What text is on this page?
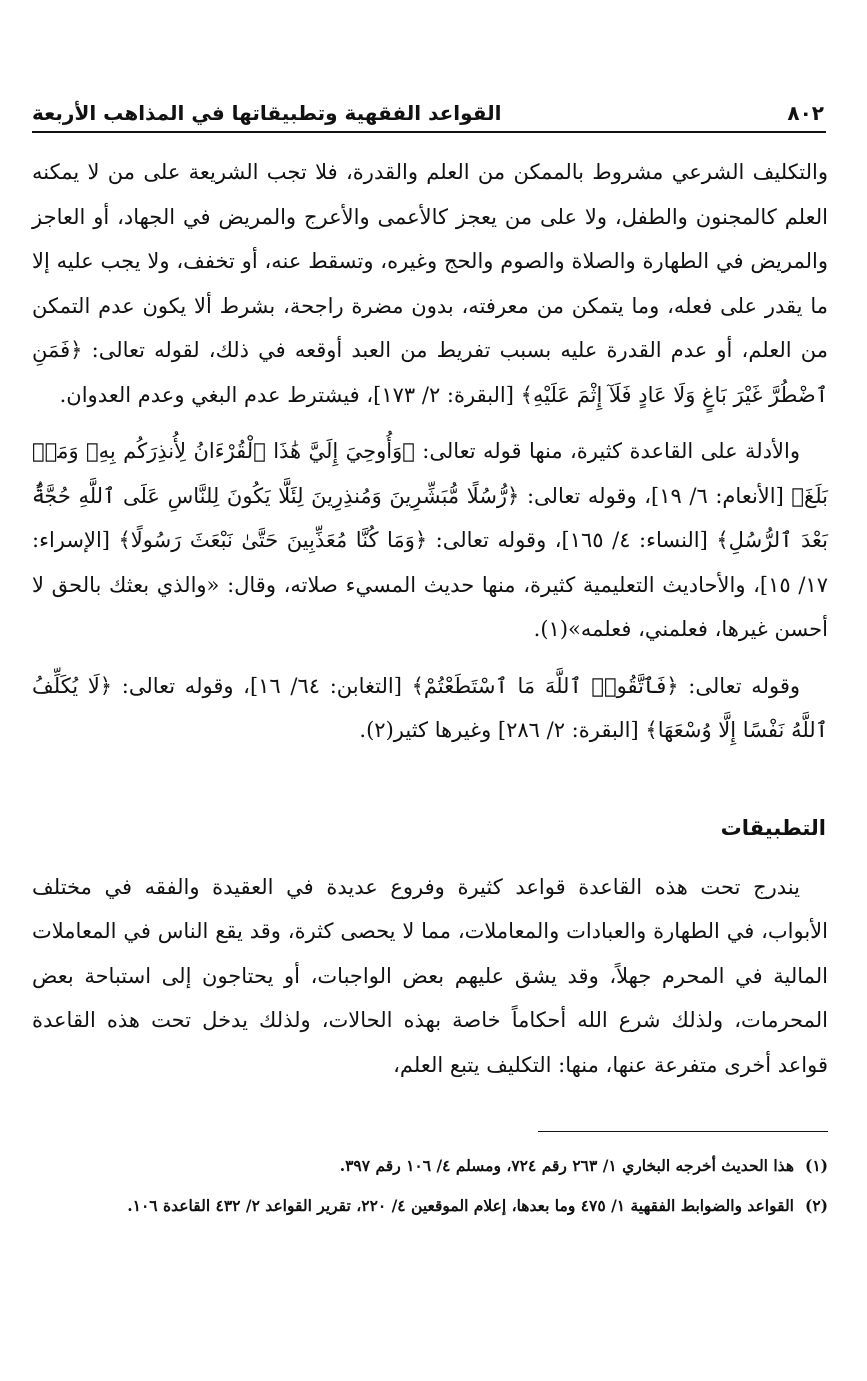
٨٠٢
القواعد الفقهية وتطبيقاتها في المذاهب الأربعة

والتكليف الشرعي مشروط بالممكن من العلم والقدرة، فلا تجب الشريعة على من لا يمكنه العلم كالمجنون والطفل، ولا على من يعجز كالأعمى والأعرج والمريض في الجهاد، أو العاجز والمريض في الطهارة والصلاة والصوم والحج وغيره، وتسقط عنه، أو تخفف، ولا يجب عليه إلا ما يقدر على فعله، وما يتمكن من معرفته، بدون مضرة راجحة، بشرط ألا يكون عدم التمكن من العلم، أو عدم القدرة عليه بسبب تفريط من العبد أوقعه في ذلك، لقوله تعالى: ﴿فَمَنِ ٱضْطُرَّ غَيْرَ بَاغٍ وَلَا عَادٍ فَلَآ إِثْمَ عَلَيْهِ﴾ [البقرة: ٢/ ١٧٣]، فيشترط عدم البغي وعدم العدوان.

والأدلة على القاعدة كثيرة، منها قوله تعالى: ﴿وَأُوحِيَ إِلَيَّ هَٰذَا ٱلْقُرْءَانُ لِأُنذِرَكُم بِهِۦ وَمَنۢ بَلَغَ﴾ [الأنعام: ٦/ ١٩]، وقوله تعالى: ﴿رُّسُلًا مُّبَشِّرِينَ وَمُنذِرِينَ لِئَلَّا يَكُونَ لِلنَّاسِ عَلَى ٱللَّهِ حُجَّةٌۢ بَعْدَ ٱلرُّسُلِ﴾ [النساء: ٤/ ١٦٥]، وقوله تعالى: ﴿وَمَا كُنَّا مُعَذِّبِينَ حَتَّىٰ نَبْعَثَ رَسُولًا﴾ [الإسراء: ١٧/ ١٥]، والأحاديث التعليمية كثيرة، منها حديث المسيء صلاته، وقال: «والذي بعثك بالحق لا أحسن غيرها، فعلمني، فعلمه»(١).

وقوله تعالى: ﴿فَٱتَّقُوا۟ ٱللَّهَ مَا ٱسْتَطَعْتُمْ﴾ [التغابن: ٦٤/ ١٦]، وقوله تعالى: ﴿لَا يُكَلِّفُ ٱللَّهُ نَفْسًا إِلَّا وُسْعَهَا﴾ [البقرة: ٢/ ٢٨٦] وغيرها كثير(٢).

التطبيقات

يندرج تحت هذه القاعدة قواعد كثيرة وفروع عديدة في العقيدة والفقه في مختلف الأبواب، في الطهارة والعبادات والمعاملات، مما لا يحصى كثرة، وقد يقع الناس في المعاملات المالية في المحرم جهلاً، وقد يشق عليهم بعض الواجبات، أو يحتاجون إلى استباحة بعض المحرمات، ولذلك شرع الله أحكاماً خاصة بهذه الحالات، ولذلك يدخل تحت هذه القاعدة قواعد أخرى متفرعة عنها، منها: التكليف يتبع العلم،

(١)
هذا الحديث أخرجه البخاري ١/ ٢٦٣ رقم ٧٢٤، ومسلم ٤/ ١٠٦ رقم ٣٩٧.
(٢)
القواعد والضوابط الفقهية ١/ ٤٧٥ وما بعدها، إعلام الموقعين ٤/ ٢٢٠، تقرير القواعد ٢/ ٤٣٢ القاعدة ١٠٦.
